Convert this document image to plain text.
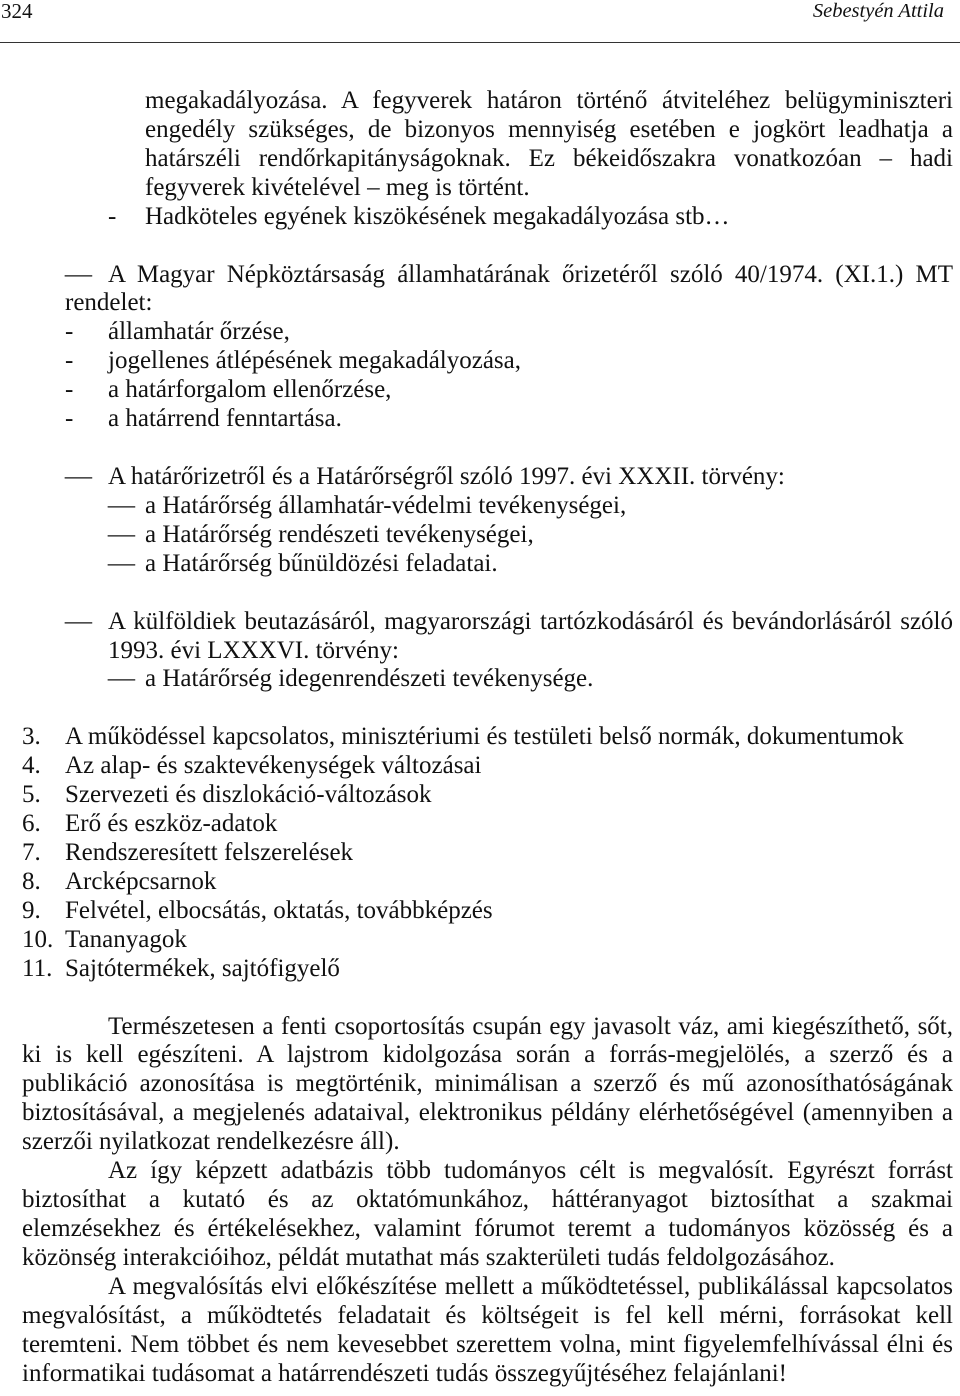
324	Sebestyén Attila
megakadályozása. A fegyverek határon történő átviteléhez belügyminiszteri
engedély szükséges, de bizonyos mennyiség esetében e jogkört leadhatja a
határszéli rendőrkapitányságoknak. Ez békeidőszakra vonatkozóan – hadi
fegyverek kivételével – meg is történt.
- Hadköteles egyének kiszökésének megakadályozása stb…
– A Magyar Népköztársaság államhatárának őrizetéről szóló 40/1974. (XI.1.) MT
rendelet:
- államhatár őrzése,
- jogellenes átlépésének megakadályozása,
- a határforgalom ellenőrzése,
- a határrend fenntartása.
– A határőrizetről és a Határőrségről szóló 1997. évi XXXII. törvény:
– a Határőrség államhatár-védelmi tevékenységei,
– a Határőrség rendészeti tevékenységei,
– a Határőrség bűnüldözési feladatai.
– A külföldiek beutazásáról, magyarországi tartózkodásáról és bevándorlásáról szóló
1993. évi LXXXVI. törvény:
– a Határőrség idegenrendészeti tevékenysége.
3. A működéssel kapcsolatos, minisztériumi és testületi belső normák, dokumentumok
4. Az alap- és szaktevékenységek változásai
5. Szervezeti és diszlokáció-változások
6. Erő és eszköz-adatok
7. Rendszeresített felszerelések
8. Arcképcsarnok
9. Felvétel, elbocsátás, oktatás, továbbképzés
10. Tananyagok
11. Sajtótermékek, sajtófigyelő
Természetesen a fenti csoportosítás csupán egy javasolt váz, ami kiegészíthető, sőt,
ki is kell egészíteni. A lajstrom kidolgozása során a forrás-megjelölés, a szerző és a
publikáció azonosítása is megtörténik, minimálisan a szerző és mű azonosíthatóságának
biztosításával, a megjelenés adataival, elektronikus példány elérhetőségével (amennyiben a
szerzői nyilatkozat rendelkezésre áll).
Az így képzett adatbázis több tudományos célt is megvalósít. Egyrészt forrást
biztosíthat a kutató és az oktatómunkához, háttéranyagot biztosíthat a szakmai
elemzésekhez és értékelésekhez, valamint fórumot teremt a tudományos közösség és a
közönség interakcióihoz, példát mutathat más szakterületi tudás feldolgozásához.
A megvalósítás elvi előkészítése mellett a működtetéssel, publikálással kapcsolatos
megvalósítást, a működtetés feladatait és költségeit is fel kell mérni, forrásokat kell
teremteni. Nem többet és nem kevesebbet szerettem volna, mint figyelemfelhívással élni és
informatikai tudásomat a határrendészeti tudás összegyűjtéséhez felajánlani!
